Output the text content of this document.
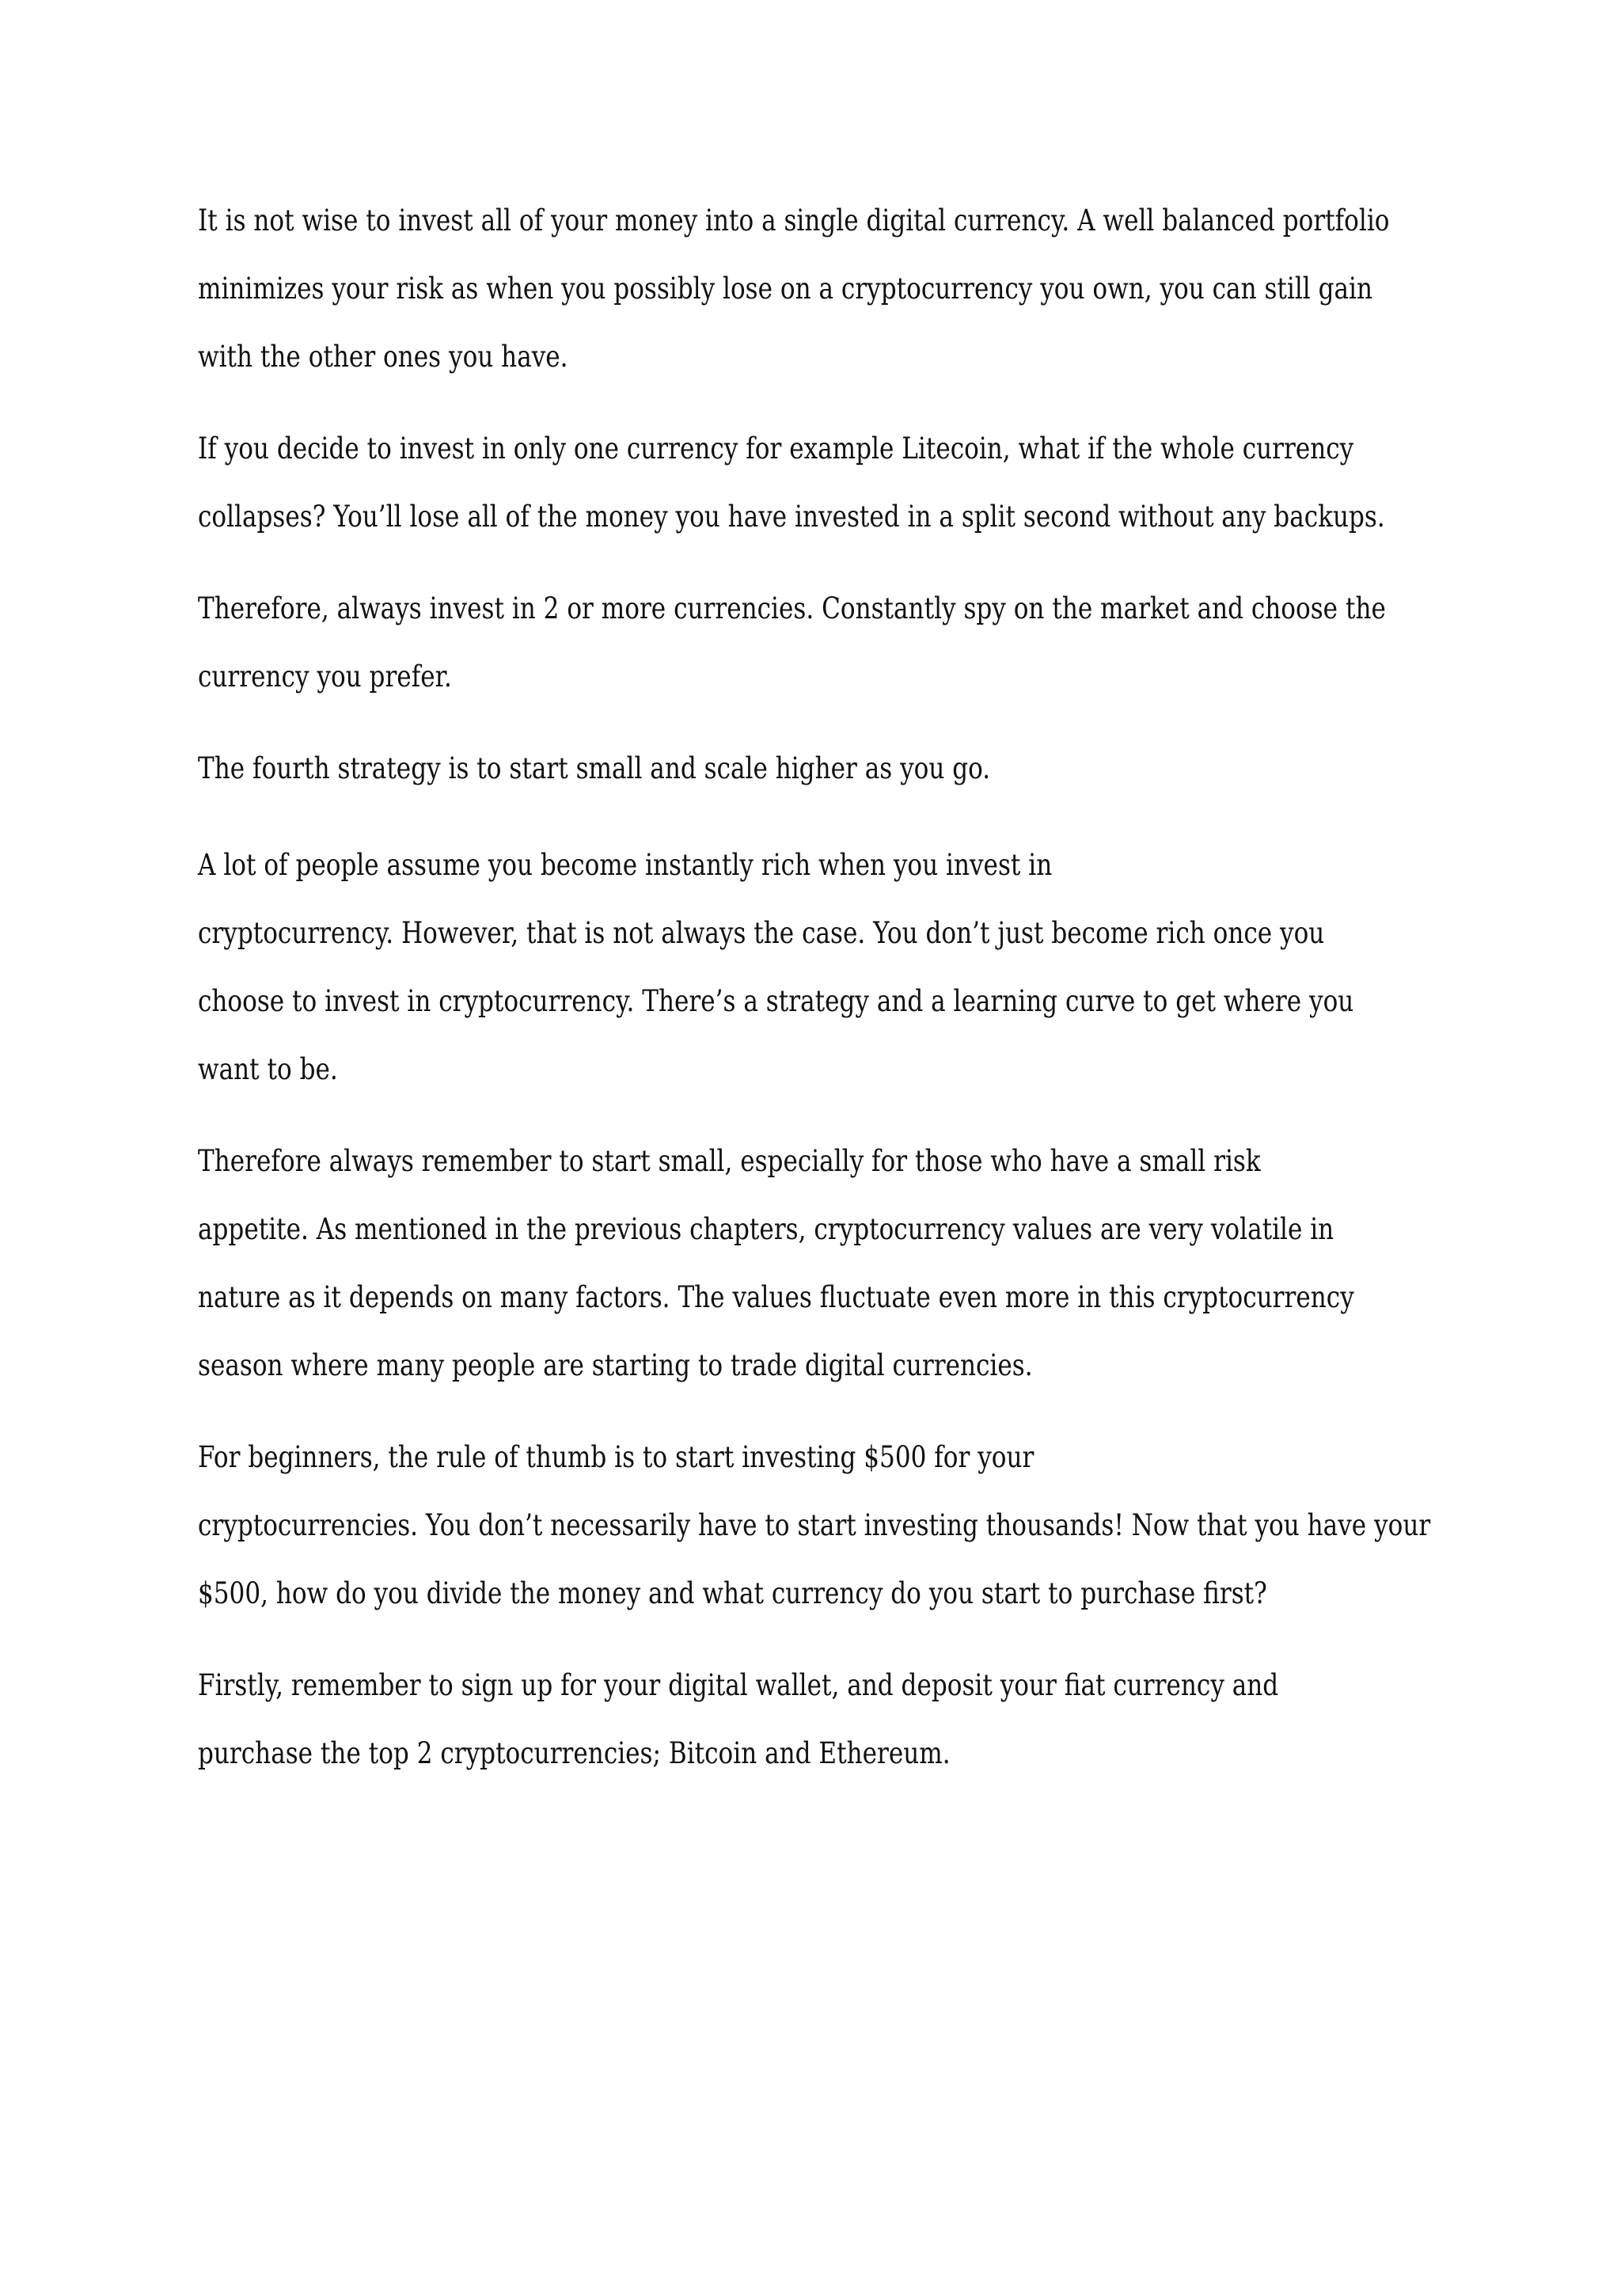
It is not wise to invest all of your money into a single digital currency. A well balanced portfolio
minimizes your risk as when you possibly lose on a cryptocurrency you own, you can still gain
with the other ones you have.
If you decide to invest in only one currency for example Litecoin, what if the whole currency
collapses? You’ll lose all of the money you have invested in a split second without any backups.
Therefore, always invest in 2 or more currencies. Constantly spy on the market and choose the
currency you prefer.
The fourth strategy is to start small and scale higher as you go.
A lot of people assume you become instantly rich when you invest in
cryptocurrency. However, that is not always the case. You don’t just become rich once you
choose to invest in cryptocurrency. There’s a strategy and a learning curve to get where you
want to be.
Therefore always remember to start small, especially for those who have a small risk
appetite. As mentioned in the previous chapters, cryptocurrency values are very volatile in
nature as it depends on many factors. The values fluctuate even more in this cryptocurrency
season where many people are starting to trade digital currencies.
For beginners, the rule of thumb is to start investing $500 for your
cryptocurrencies. You don’t necessarily have to start investing thousands! Now that you have your
$500, how do you divide the money and what currency do you start to purchase first?
Firstly, remember to sign up for your digital wallet, and deposit your fiat currency and
purchase the top 2 cryptocurrencies; Bitcoin and Ethereum.
